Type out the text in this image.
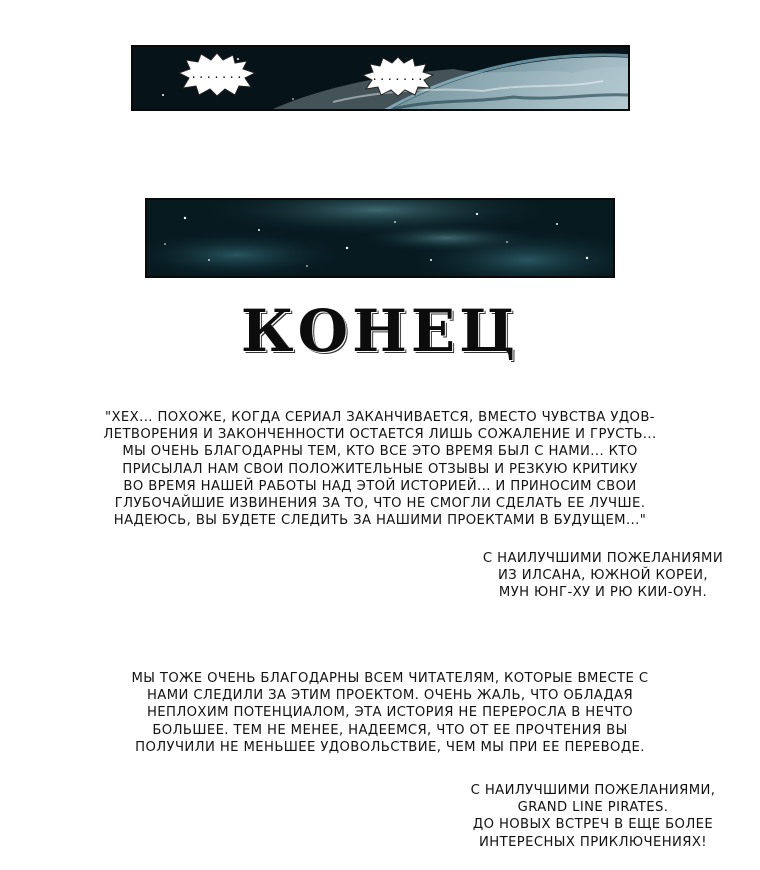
.......	.......
КОНЕЦ
"ХЕХ... ПОХОЖЕ, КОГДА СЕРИАЛ ЗАКАНЧИВАЕТСЯ, ВМЕСТО ЧУВСТВА УДОВ-
ЛЕТВОРЕНИЯ И ЗАКОНЧЕННОСТИ ОСТАЕТСЯ ЛИШЬ СОЖАЛЕНИЕ И ГРУСТЬ...
МЫ ОЧЕНЬ БЛАГОДАРНЫ ТЕМ, КТО ВСЕ ЭТО ВРЕМЯ БЫЛ С НАМИ... КТО
ПРИСЫЛАЛ НАМ СВОИ ПОЛОЖИТЕЛЬНЫЕ ОТЗЫВЫ И РЕЗКУЮ КРИТИКУ
ВО ВРЕМЯ НАШЕЙ РАБОТЫ НАД ЭТОЙ ИСТОРИЕЙ... И ПРИНОСИМ СВОИ
ГЛУБОЧАЙШИЕ ИЗВИНЕНИЯ ЗА ТО, ЧТО НЕ СМОГЛИ СДЕЛАТЬ ЕЕ ЛУЧШЕ.
НАДЕЮСЬ, ВЫ БУДЕТЕ СЛЕДИТЬ ЗА НАШИМИ ПРОЕКТАМИ В БУДУЩЕМ..."
С НАИЛУЧШИМИ ПОЖЕЛАНИЯМИ
ИЗ ИЛСАНА, ЮЖНОЙ КОРЕИ,
МУН ЮНГ-ХУ И РЮ КИИ-ОУН.
МЫ ТОЖЕ ОЧЕНЬ БЛАГОДАРНЫ ВСЕМ ЧИТАТЕЛЯМ, КОТОРЫЕ ВМЕСТЕ С
НАМИ СЛЕДИЛИ ЗА ЭТИМ ПРОЕКТОМ. ОЧЕНЬ ЖАЛЬ, ЧТО ОБЛАДАЯ
НЕПЛОХИМ ПОТЕНЦИАЛОМ, ЭТА ИСТОРИЯ НЕ ПЕРЕРОСЛА В НЕЧТО
БОЛЬШЕЕ. ТЕМ НЕ МЕНЕЕ, НАДЕЕМСЯ, ЧТО ОТ ЕЕ ПРОЧТЕНИЯ ВЫ
ПОЛУЧИЛИ НЕ МЕНЬШЕЕ УДОВОЛЬСТВИЕ, ЧЕМ МЫ ПРИ ЕЕ ПЕРЕВОДЕ.
С НАИЛУЧШИМИ ПОЖЕЛАНИЯМИ,
GRAND LINE PIRATES.
ДО НОВЫХ ВСТРЕЧ В ЕЩЕ БОЛЕЕ
ИНТЕРЕСНЫХ ПРИКЛЮЧЕНИЯХ!
